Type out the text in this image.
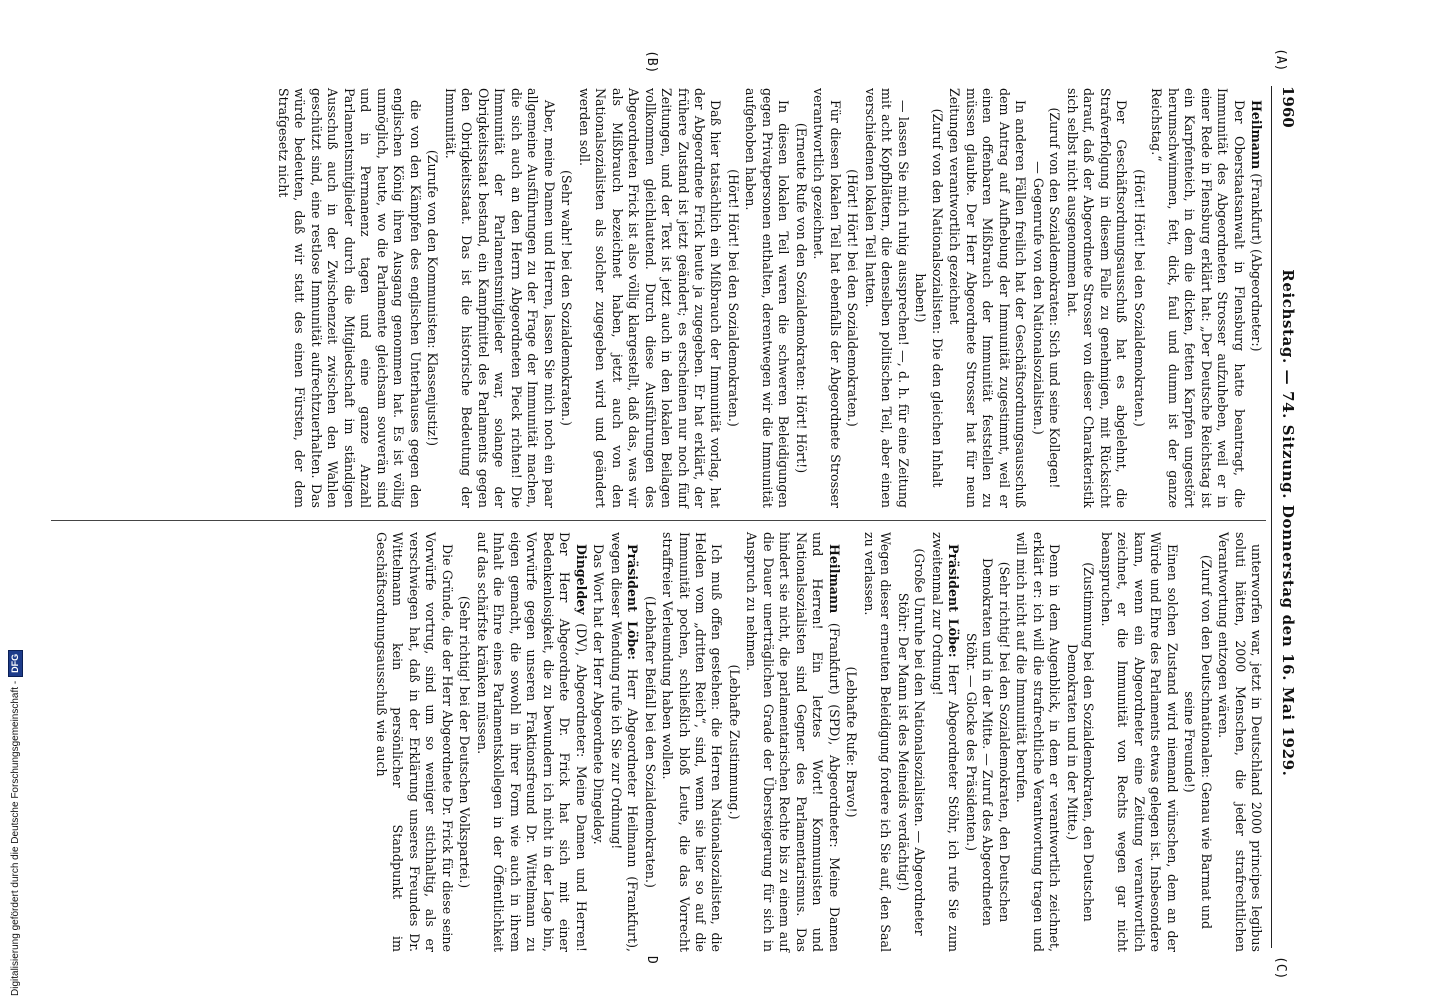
1960
Reichstag. — 74. Sitzung. Donnerstag den 16. Mai 1929.
(A)
(B)
(C)
D

Heilmann (Frankfurt) (Abgeordneter:)

Der Oberstaatsanwalt in Flensburg hatte beantragt, die Immunität des Abgeordneten Strosser aufzuheben, weil er in einer Rede in Flensburg erklärt hat: „Der Deutsche Reichstag ist ein Karpfenteich, in dem die dicken, fetten Karpfen ungestört herumschwimmen, fett, dick, faul und dumm ist der ganze Reichstag.“

(Hört! Hört! bei den Sozialdemokraten.)

Der Geschäftsordnungsausschuß hat es abgelehnt, die Strafverfolgung in diesem Falle zu genehmigen, mit Rücksicht darauf, daß der Abgeordnete Strosser von dieser Charakteristik sich selbst nicht ausgenommen hat.

(Zuruf von den Sozialdemokraten: Sich und seine Kollegen! — Gegenrufe von den Nationalsozialisten.)

In anderen Fällen freilich hat der Geschäftsordnungsausschuß dem Antrag auf Aufhebung der Immunität zugestimmt, weil er einen offenbaren Mißbrauch der Immunität feststellen zu müssen glaubte. Der Herr Abgeordnete Strosser hat für neun Zeitungen verantwortlich gezeichnet

(Zuruf von den Nationalsozialisten: Die den gleichen Inhalt haben!)

— lassen Sie mich ruhig aussprechen! —, d. h. für eine Zeitung mit acht Kopfblättern, die denselben politischen Teil, aber einen verschiedenen lokalen Teil hatten.

(Hört! Hört! bei den Sozialdemokraten.)

Für diesen lokalen Teil hat ebenfalls der Abgeordnete Strosser verantwortlich gezeichnet.

(Erneute Rufe von den Sozialdemokraten: Hört! Hört!)

In diesen lokalen Teil waren die schweren Beleidigungen gegen Privatpersonen enthalten, derentwegen wir die Immunität aufgehoben haben.

(Hört! Hört! bei den Sozialdemokraten.)

Daß hier tatsächlich ein Mißbrauch der Immunität vorlag, hat der Abgeordnete Frick heute ja zugegeben. Er hat erklärt, der frühere Zustand ist jetzt geändert; es erscheinen nur noch fünf Zeitungen, und der Text ist jetzt auch in den lokalen Beilagen vollkommen gleichlautend. Durch diese Ausführungen des Abgeordneten Frick ist also völlig klargestellt, daß das, was wir als Mißbrauch bezeichnet haben, jetzt auch von den Nationalsozialisten als solcher zugegeben wird und geändert werden soll.

(Sehr wahr! bei den Sozialdemokraten.)

Aber, meine Damen und Herren, lassen Sie mich noch ein paar allgemeine Ausführungen zu der Frage der Immunität machen, die sich auch an den Herrn Abgeordneten Pieck richten! Die Immunität der Parlamentsmitglieder war, solange der Obrigkeitsstaat bestand, ein Kampfmittel des Parlaments gegen den Obrigkeitsstaat. Das ist die historische Bedeutung der Immunität.

(Zurufe von den Kommunisten: Klassenjustiz!)

die von den Kämpfen des englischen Unterhauses gegen den englischen König ihren Ausgang genommen hat. Es ist völlig unmöglich, heute, wo die Parlamente gleichsam souverän sind und in Permanenz tagen und eine ganze Anzahl Parlamentsmitglieder durch die Mitgliedschaft im ständigen Ausschuß auch in der Zwischenzeit zwischen den Wahlen geschützt sind, eine restlose Immunität aufrechtzuerhalten. Das würde bedeuten, daß wir statt des einen Fürsten, der dem Strafgesetz nicht

unterworfen war, jetzt in Deutschland 2000 principes legibus soluti hätten, 2000 Menschen, die jeder strafrechtlichen Verantwortung entzogen wären.

(Zuruf von den Deutschnationalen: Genau wie Barmat und seine Freunde!)

Einen solchen Zustand wird niemand wünschen, dem an der Würde und Ehre des Parlaments etwas gelegen ist. Insbesondere kann, wenn ein Abgeordneter eine Zeitung verantwortlich zeichnet, er die Immunität von Rechts wegen gar nicht beanspruchen.

(Zustimmung bei den Sozialdemokraten, den Deutschen Demokraten und in der Mitte.)

Denn in dem Augenblick, in dem er verantwortlich zeichnet, erklärt er: ich will die strafrechtliche Verantwortung tragen und will mich nicht auf die Immunität berufen.

(Sehr richtig! bei den Sozialdemokraten, den Deutschen Demokraten und in der Mitte. — Zuruf des Abgeordneten Stöhr. — Glocke des Präsidenten.)

Präsident Löbe: Herr Abgeordneter Stöhr, ich rufe Sie zum zweitenmal zur Ordnung!

(Große Unruhe bei den Nationalsozialisten. — Abgeordneter Stöhr: Der Mann ist des Meineids verdächtig!)

Wegen dieser erneuten Beleidigung fordere ich Sie auf, den Saal zu verlassen.

(Lebhafte Rufe: Bravo!)

Heilmann (Frankfurt) (SPD), Abgeordneter: Meine Damen und Herren! Ein letztes Wort! Kommunisten und Nationalsozialisten sind Gegner des Parlamentarismus. Das hindert sie nicht, die parlamentarischen Rechte bis zu einem auf die Dauer unerträglichen Grade der Übersteigerung für sich in Anspruch zu nehmen.

(Lebhafte Zustimmung.)

Ich muß offen gestehen: die Herren Nationalsozialisten, die Helden vom „dritten Reich“, sind, wenn sie hier so auf die Immunität pochen, schließlich bloß Leute, die das Vorrecht straffreier Verleumdung haben wollen.

(Lebhafter Beifall bei den Sozialdemokraten.)

Präsident Löbe: Herr Abgeordneter Heilmann (Frankfurt), wegen dieser Wendung rufe ich Sie zur Ordnung!

Das Wort hat der Herr Abgeordnete Dingeldey.

Dingeldey (DV), Abgeordneter: Meine Damen und Herren! Der Herr Abgeordnete Dr. Frick hat sich mit einer Bedenkenlosigkeit, die zu bewundern ich nicht in der Lage bin, Vorwürfe gegen unseren Fraktionsfreund Dr. Wittelmann zu eigen gemacht, die sowohl in ihrer Form wie auch in ihrem Inhalt die Ehre eines Parlamentskollegen in der Öffentlichkeit auf das schärfste kränken müssen.

(Sehr richtig! bei der Deutschen Volkspartei.)

Die Gründe, die der Herr Abgeordnete Dr. Frick für diese seine Vorwürfe vortrug, sind um so weniger stichhaltig, als er verschwiegen hat, daß in der Erklärung unseres Freundes Dr. Wittelmann kein persönlicher Standpunkt im Geschäftsordnungsausschuß wie auch

Digitalisierung gefördert durch die Deutsche Forschungsgemeinschaft -
DFG
